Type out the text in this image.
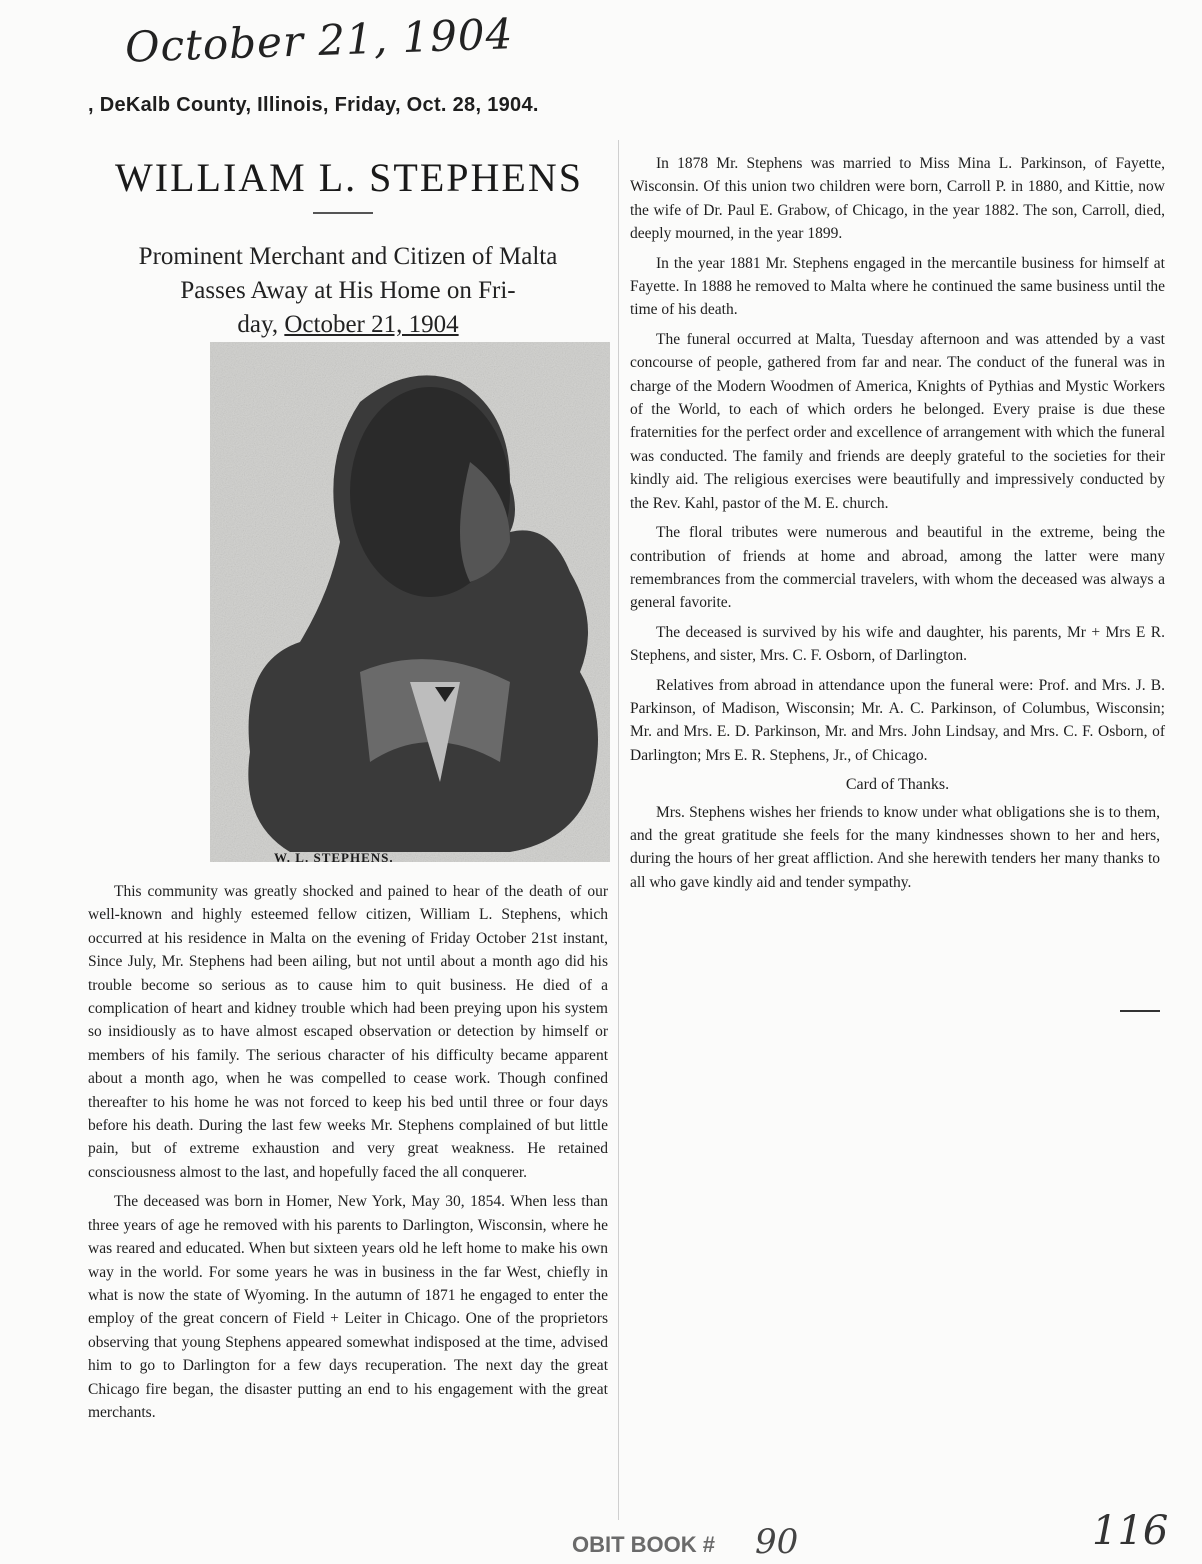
October 21, 1904
, DeKalb County, Illinois, Friday, Oct. 28, 1904.
WILLIAM L. STEPHENS
Prominent Merchant and Citizen of Malta
Passes Away at His Home on Fri-
day, October 21, 1904
W. L. STEPHENS.

This community was greatly shocked and pained to hear of the death of our well-known and highly esteemed fellow citizen, William L. Stephens, which occurred at his residence in Malta on the evening of Friday October 21st instant, Since July, Mr. Stephens had been ailing, but not until about a month ago did his trouble become so serious as to cause him to quit business. He died of a complication of heart and kidney trouble which had been preying upon his system so insidiously as to have almost escaped observation or detection by himself or members of his family. The serious character of his difficulty became apparent about a month ago, when he was compelled to cease work. Though confined thereafter to his home he was not forced to keep his bed until three or four days before his death. During the last few weeks Mr. Stephens complained of but little pain, but of extreme exhaustion and very great weakness. He retained consciousness almost to the last, and hopefully faced the all conquerer.

The deceased was born in Homer, New York, May 30, 1854. When less than three years of age he removed with his parents to Darlington, Wisconsin, where he was reared and educated. When but sixteen years old he left home to make his own way in the world. For some years he was in business in the far West, chiefly in what is now the state of Wyoming. In the autumn of 1871 he engaged to enter the employ of the great concern of Field + Leiter in Chicago. One of the proprietors observing that young Stephens appeared somewhat indisposed at the time, advised him to go to Darlington for a few days recuperation. The next day the great Chicago fire began, the disaster putting an end to his engagement with the great merchants.

In 1878 Mr. Stephens was married to Miss Mina L. Parkinson, of Fayette, Wisconsin. Of this union two children were born, Carroll P. in 1880, and Kittie, now the wife of Dr. Paul E. Grabow, of Chicago, in the year 1882. The son, Carroll, died, deeply mourned, in the year 1899.

In the year 1881 Mr. Stephens engaged in the mercantile business for himself at Fayette. In 1888 he removed to Malta where he continued the same business until the time of his death.

The funeral occurred at Malta, Tuesday afternoon and was attended by a vast concourse of people, gathered from far and near. The conduct of the funeral was in charge of the Modern Woodmen of America, Knights of Pythias and Mystic Workers of the World, to each of which orders he belonged. Every praise is due these fraternities for the perfect order and excellence of arrangement with which the funeral was conducted. The family and friends are deeply grateful to the societies for their kindly aid. The religious exercises were beautifully and impressively conducted by the Rev. Kahl, pastor of the M. E. church.

The floral tributes were numerous and beautiful in the extreme, being the contribution of friends at home and abroad, among the latter were many remembrances from the commercial travelers, with whom the deceased was always a general favorite.

The deceased is survived by his wife and daughter, his parents, Mr + Mrs E R. Stephens, and sister, Mrs. C. F. Osborn, of Darlington.

Relatives from abroad in attendance upon the funeral were: Prof. and Mrs. J. B. Parkinson, of Madison, Wisconsin; Mr. A. C. Parkinson, of Columbus, Wisconsin; Mr. and Mrs. E. D. Parkinson, Mr. and Mrs. John Lindsay, and Mrs. C. F. Osborn, of Darlington; Mrs E. R. Stephens, Jr., of Chicago.

Card of Thanks.

Mrs. Stephens wishes her friends to know under what obligations she is to them, and the great gratitude she feels for the many kindnesses shown to her and hers, during the hours of her great affliction. And she herewith tenders her many thanks to all who gave kindly aid and tender sympathy.

OBIT BOOK # 90	116
